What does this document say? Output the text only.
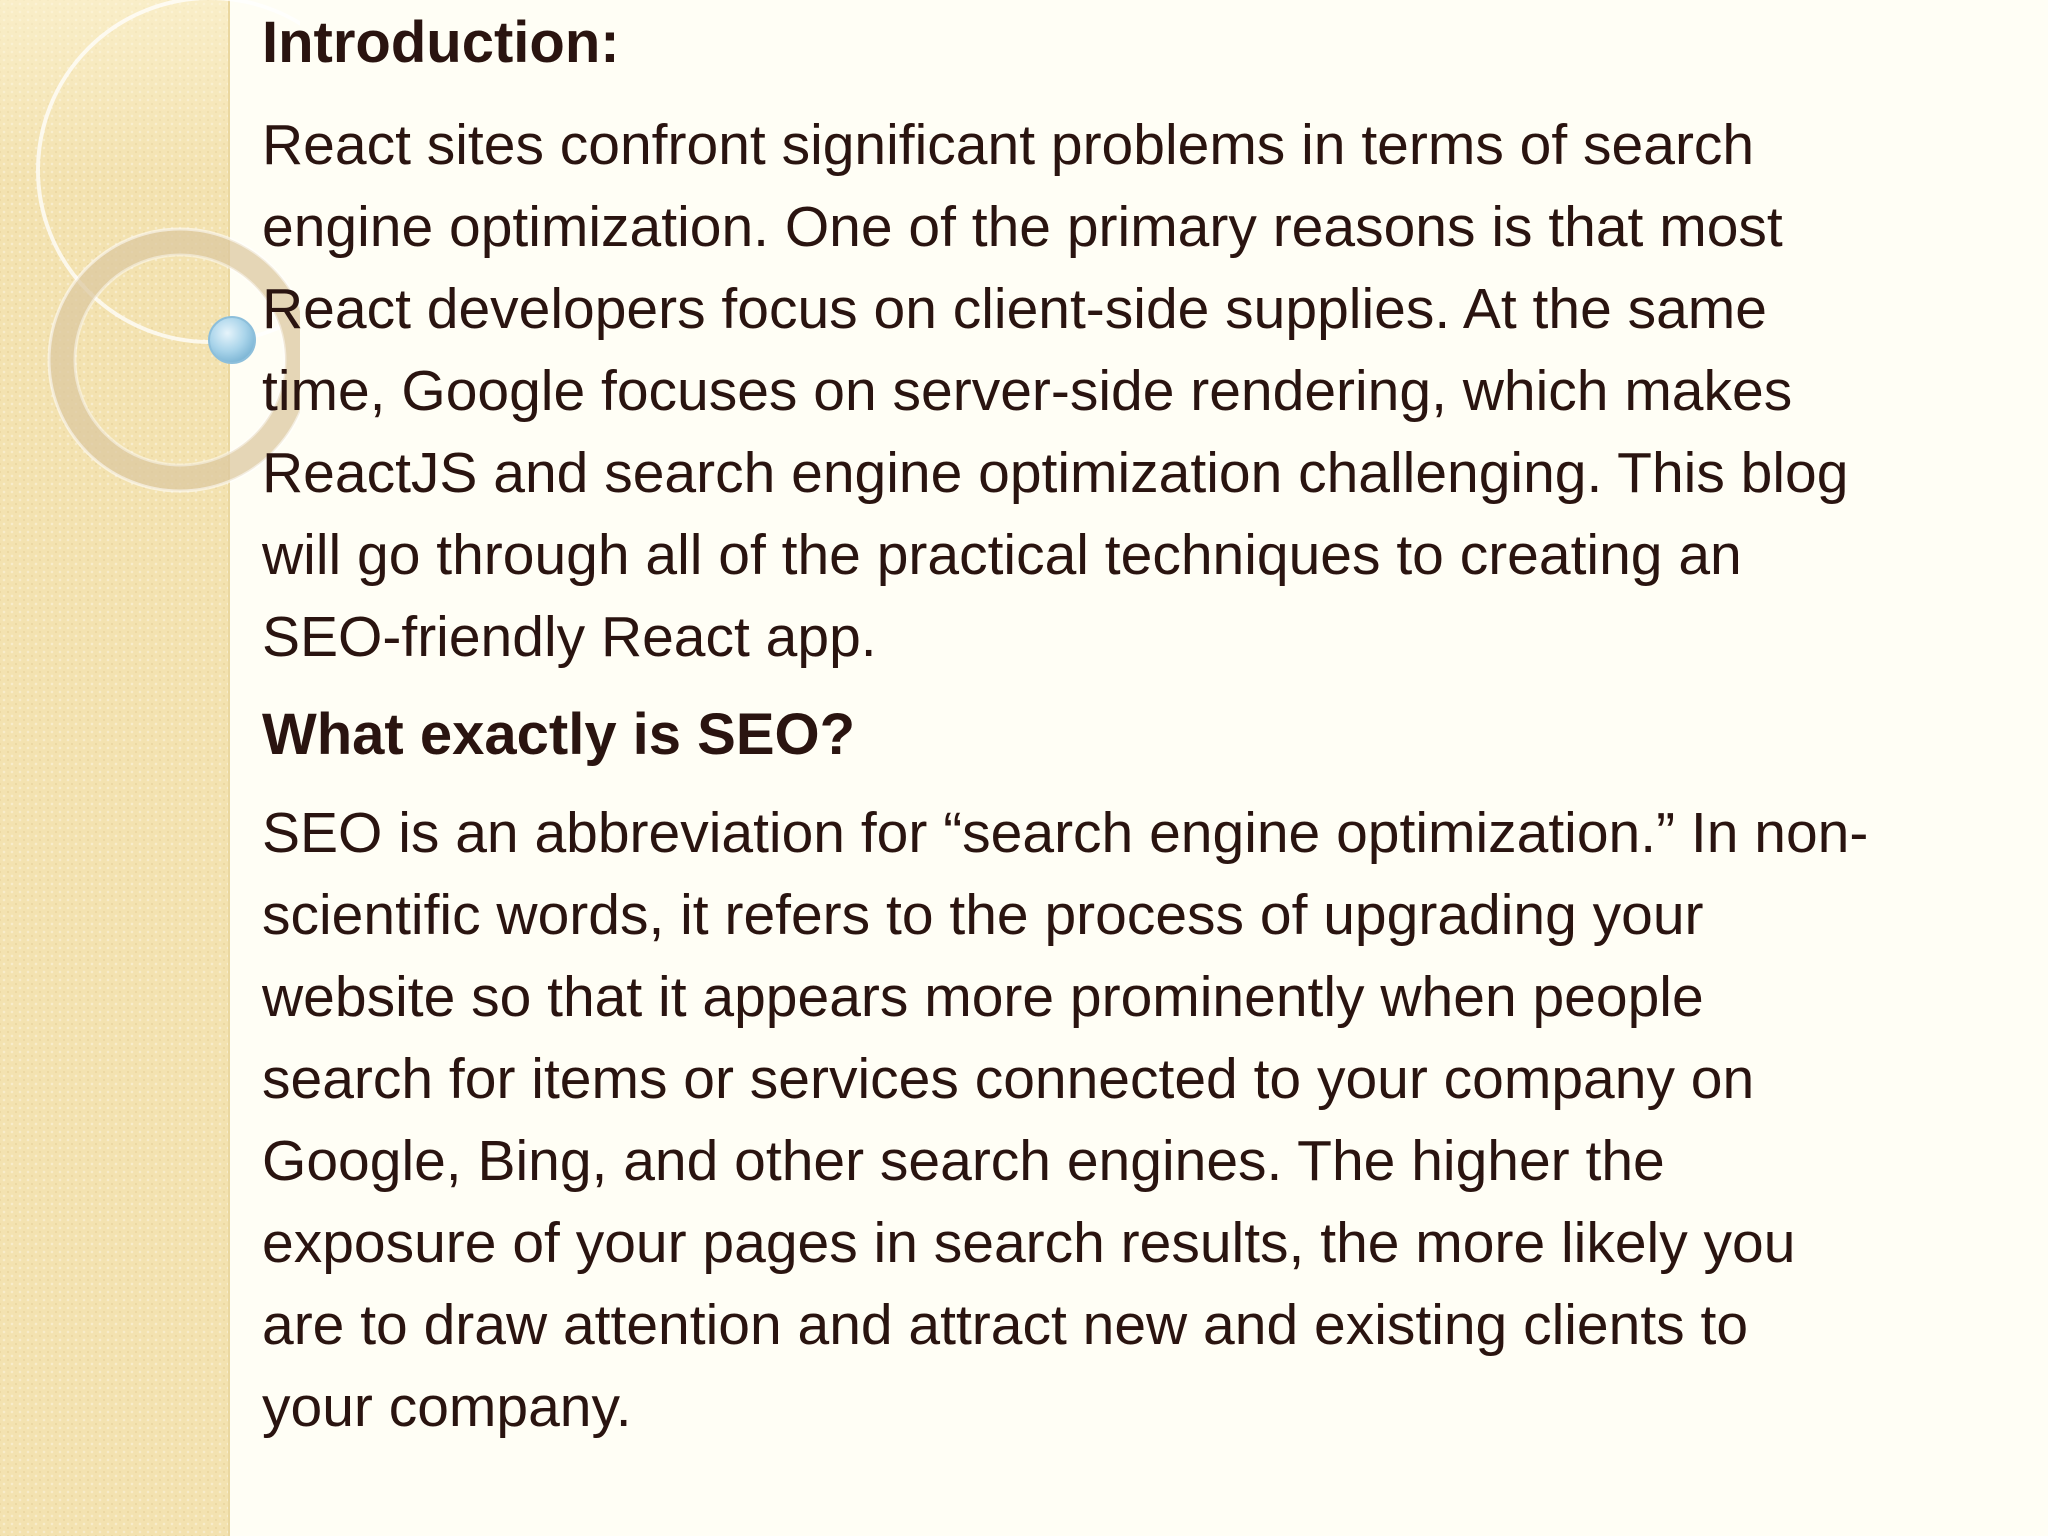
Introduction:

React sites confront significant problems in terms of search
engine optimization. One of the primary reasons is that most
React developers focus on client-side supplies. At the same
time, Google focuses on server-side rendering, which makes
ReactJS and search engine optimization challenging. This blog
will go through all of the practical techniques to creating an
SEO-friendly React app.

What exactly is SEO?

SEO is an abbreviation for “search engine optimization.” In non-
scientific words, it refers to the process of upgrading your
website so that it appears more prominently when people
search for items or services connected to your company on
Google, Bing, and other search engines. The higher the
exposure of your pages in search results, the more likely you
are to draw attention and attract new and existing clients to
your company.
